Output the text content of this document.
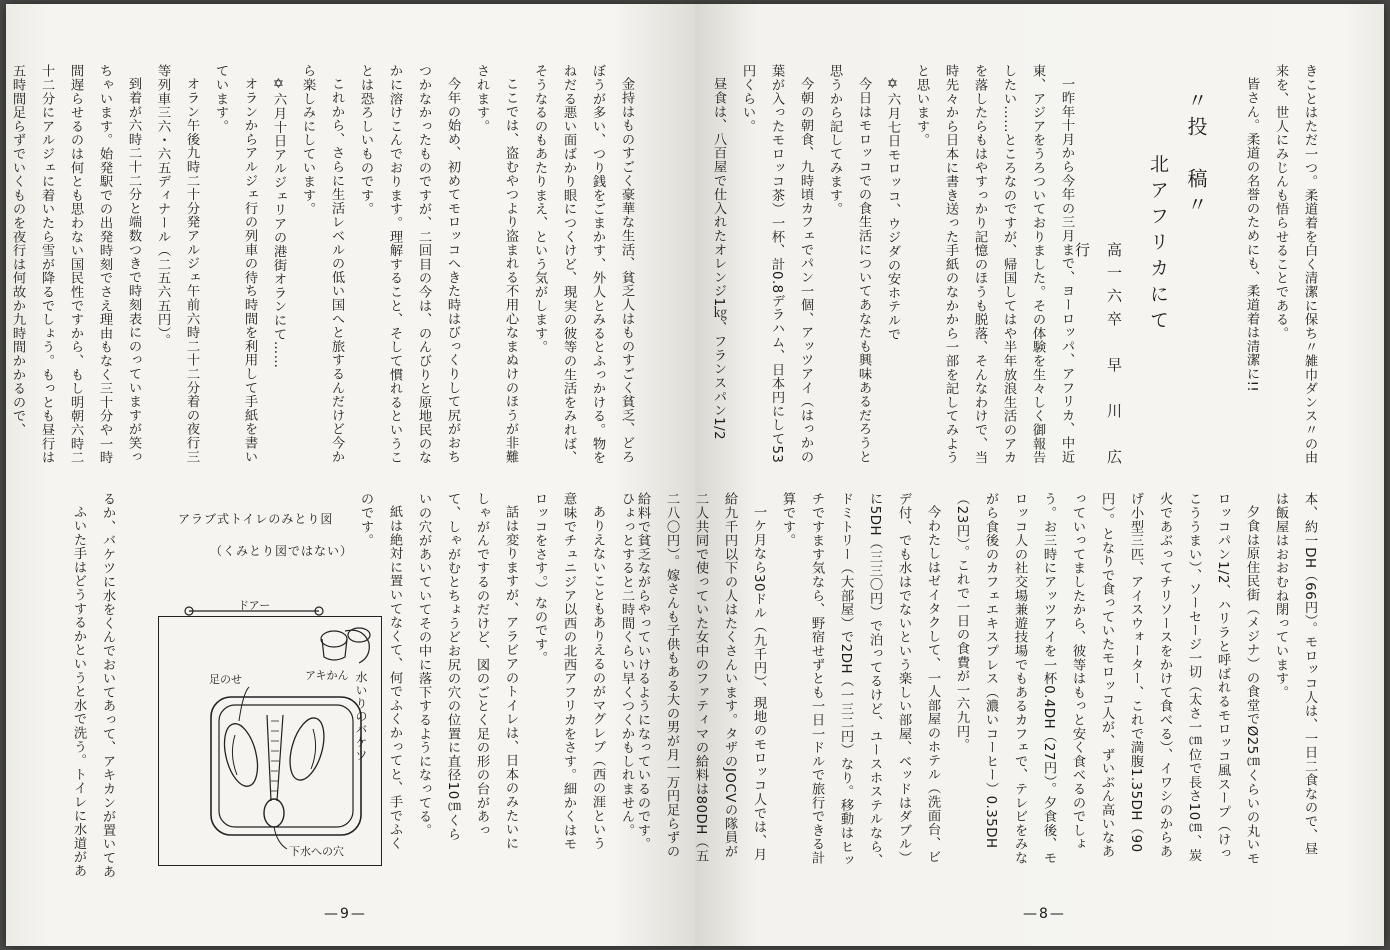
金持はものすごく豪華な生活、貧乏人はものすごく貧乏、どろぼうが多い、つり銭をごまかす、外人とみるとふっかける。物をねだる悪い面ばかり眼につくけど、現実の彼等の生活をみれば、そうなるのもあたりまえ、という気がします。

ここでは、盗むやつより盗まれる不用心なまぬけのほうが非難されます。

今年の始め、初めてモロッコへきた時はびっくりして尻がおちつかなかったものですが、二回目の今は、のんびりと原地民のなかに溶けこんでおります。理解すること、そして慣れるということは恐ろしいものです。

これから、さらに生活レベルの低い国へと旅するんだけど今から楽しみにしています。

✡六月十日アルジェリアの港街オランにて……

オランからアルジェ行の列車の待ち時間を利用して手紙を書いています。

オラン午後九時二十分発アルジェ午前六時二十二分着の夜行三等列車三六・六五ディナール（二五六五円）。

到着が六時二十二分と端数つきで時刻表にのっていますが笑っちゃいます。始発駅での出発時刻でさえ理由もなく三十分や一時間遅らせるのは何とも思わない国民性ですから、もし明朝六時二十二分にアルジェに着いたら雪が降るでしょう。もっとも昼行は五時間足らずでいくものを夜行は何故か九時間かかるので、

ひょっとすると二時間くらい早くつくかもしれません。

ありえないこともありえるのがマグレブ（西の涯という意味でチュニジア以西の北西アフリカをさす。細かくはモロッコをさす。）なのです。

話は変りますが、アラビアのトイレは、日本のみたいにしゃがんでするのだけど、図のごとく足の形の台があって、しゃがむとちょうどお尻の穴の位置に直径10㎝くらいの穴があいていてその中に落下するようになってる。

紙は絶対に置いてなくて、何でふくかってと、手でふくのです。

るか、バケツに水をくんでおいてあって、アキカンが置いてあ

ふいた手はどうするかというと水で洗う。トイレに水道があ	アラブ式トイレのみとり図
（くみとり図ではない）
ドアー
足のせ	アキかん 水いりのバケツ
下水への穴
—9—

きことはただ一つ。柔道着を白く清潔に保ち〃雑巾ダンス〃の由来を、世人にみじんも悟らせることである。

皆さん。柔道の名誉のためにも、柔道着は清潔に!!

〃投　稿〃
北アフリカにて
高一六卒　早　川　広　行

一昨年十月から今年の三月まで、ヨーロッパ、アフリカ、中近東、アジアをうろついておりました。その体験を生々しく御報告したい……ところなのですが、帰国してはや半年放浪生活のアカを落したらもはやすっかり記憶のほうも脱落、そんなわけで、当時先々から日本に書き送った手紙のなかから一部を記してみようと思います。

✡六月七日モロッコ、ウジダの安ホテルで

今日はモロッコでの食生活についてあなたも興味あるだろうと思うから記してみます。

今朝の朝食、九時頃カフェでパン一個、アッツアイ（はっかの葉が入ったモロッコ茶）一杯、計0.8デラハム、日本円にして53円くらい。

昼食は、八百屋で仕入れたオレンジ1㎏、フランスパン1/2

本、約一DH（66円）。モロッコ人は、一日二食なので、昼は飯屋はおおむね閉っています。

夕食は原住民街（メジナ）の食堂でØ25㎝くらいの丸いモロッコパン1/2、ハリラと呼ばれるモロッコ風スープ（けっこううまい）、ソーセージ一切（太さ一㎝位で長さ10㎝、炭火であぶってチリソースをかけて食べる）、イワシのからあげ小型三匹、アイスウォーター、これで満腹1.35DH（90円）。となりで食っていたモロッコ人が、ずいぶん高いなあっていってましたから、彼等はもっと安く食べるのでしょう。お三時にアッツアイを一杯0.4DH（27円）。夕食後、モロッコ人の社交場兼遊技場でもあるカフェで、テレビをみながら食後のカフェエキスプレス（濃いコーヒー）0.35DH（23円）。これで一日の食費が一六九円。

今わたしはゼイタクして、一人部屋のホテル（洗面台、ビデ付、でも水はでないという楽しい部屋、ベッドはダブル）に5DH（三三〇円）で泊ってるけど、ユースホステルなら、ドミトリー（大部屋）で2DH（一三二円）なり。移動はヒッチですます気なら、野宿せずとも一日一ドルで旅行できる計算です。

一ケ月なら30ドル（九千円）、現地のモロッコ人では、月給九千円以下の人はたくさんいます。タザのJOCVの隊員が二人共同で使っていた女中のファティマの給料は80DH（五二八〇円）。嫁さんも子供もある大の男が月一万円足らずの給料で貧乏ながらやっていけるようになっているのです。

—8—
